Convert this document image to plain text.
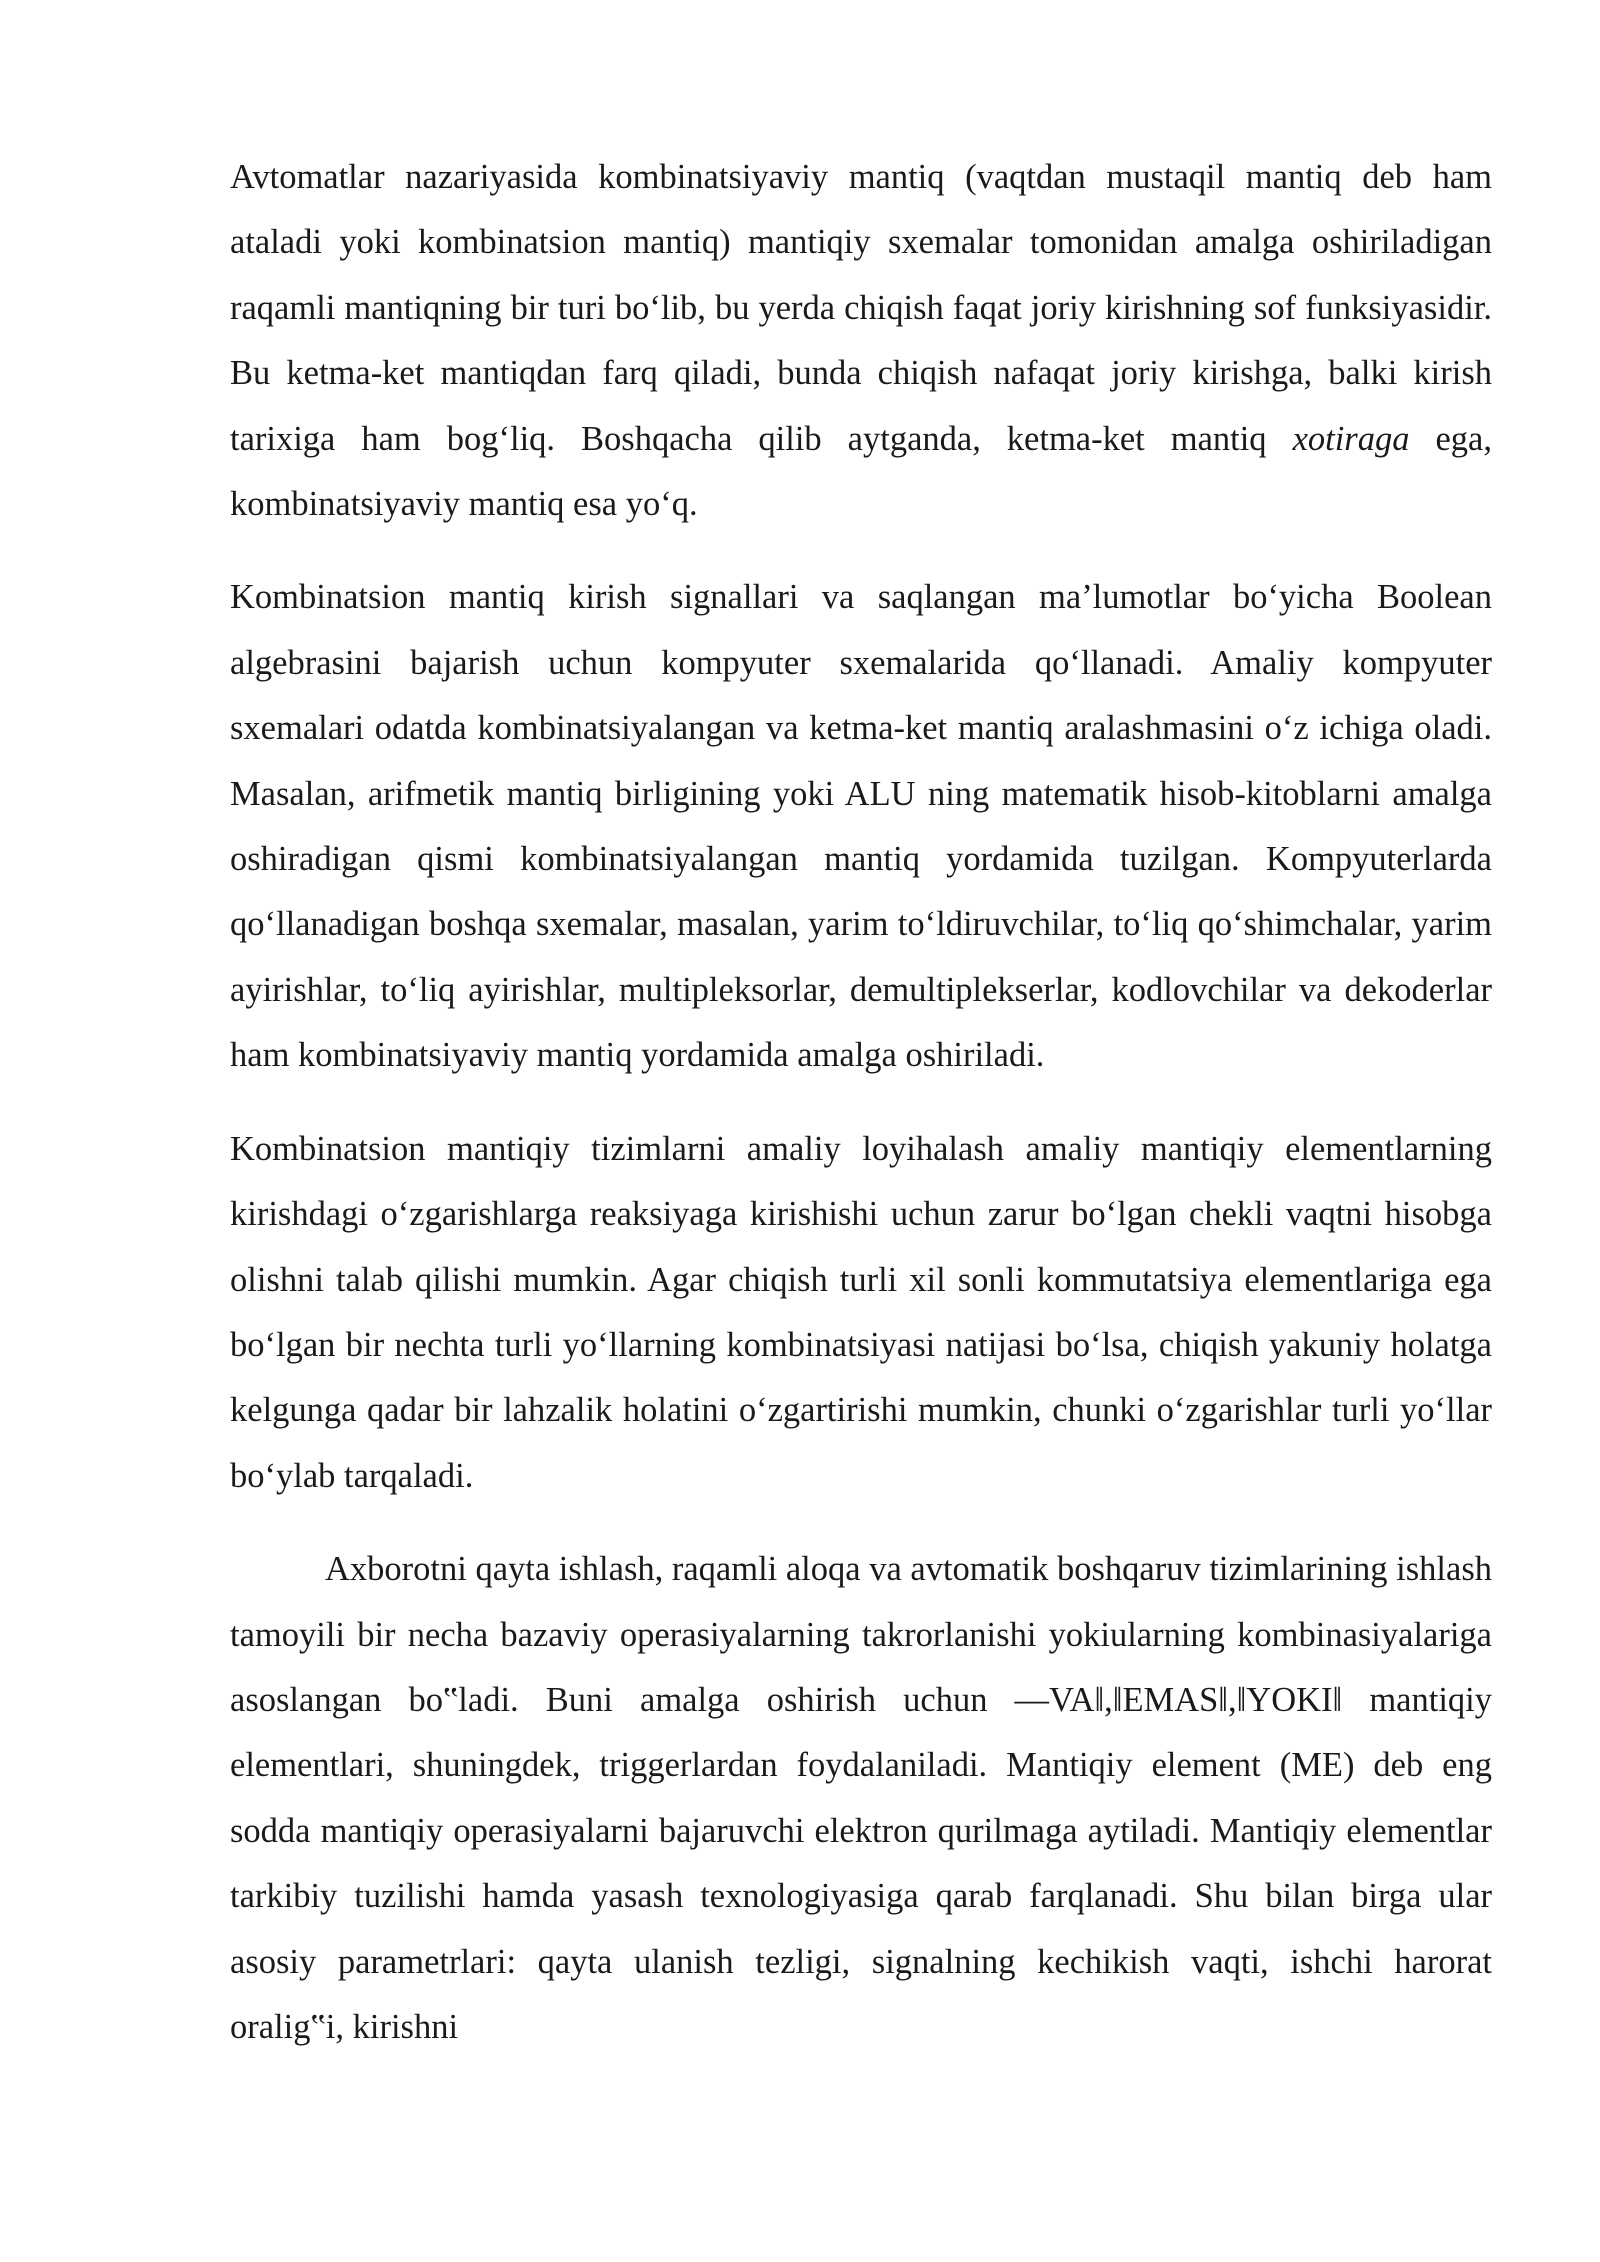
Avtomatlar nazariyasida kombinatsiyaviy mantiq (vaqtdan mustaqil mantiq deb ham ataladi yoki kombinatsion mantiq) mantiqiy sxemalar tomonidan amalga oshiriladigan raqamli mantiqning bir turi bo‘lib, bu yerda chiqish faqat joriy kirishning sof funksiyasidir. Bu ketma-ket mantiqdan farq qiladi, bunda chiqish nafaqat joriy kirishga, balki kirish tarixiga ham bog‘liq. Boshqacha qilib aytganda, ketma-ket mantiq xotiraga ega, kombinatsiyaviy mantiq esa yo‘q.

Kombinatsion mantiq kirish signallari va saqlangan ma’lumotlar bo‘yicha Boolean algebrasini bajarish uchun kompyuter sxemalarida qo‘llanadi. Amaliy kompyuter sxemalari odatda kombinatsiyalangan va ketma-ket mantiq aralashmasini o‘z ichiga oladi. Masalan, arifmetik mantiq birligining yoki ALU ning matematik hisob-kitoblarni amalga oshiradigan qismi kombinatsiyalangan mantiq yordamida tuzilgan. Kompyuterlarda qo‘llanadigan boshqa sxemalar, masalan, yarim to‘ldiruvchilar, to‘liq qo‘shimchalar, yarim ayirishlar, to‘liq ayirishlar, multipleksorlar, demultiplekserlar, kodlovchilar va dekoderlar ham kombinatsiyaviy mantiq yordamida amalga oshiriladi.

Kombinatsion mantiqiy tizimlarni amaliy loyihalash amaliy mantiqiy elementlarning kirishdagi o‘zgarishlarga reaksiyaga kirishishi uchun zarur bo‘lgan chekli vaqtni hisobga olishni talab qilishi mumkin. Agar chiqish turli xil sonli kommutatsiya elementlariga ega bo‘lgan bir nechta turli yo‘llarning kombinatsiyasi natijasi bo‘lsa, chiqish yakuniy holatga kelgunga qadar bir lahzalik holatini o‘zgartirishi mumkin, chunki o‘zgarishlar turli yo‘llar bo‘ylab tarqaladi.

Axborotni qayta ishlash, raqamli aloqa va avtomatik boshqaruv tizimlarining ishlash tamoyili bir necha bazaviy operasiyalarning takrorlanishi yokiularning kombinasiyalariga asoslangan bo‟ladi. Buni amalga oshirish uchun ―VA‖,‖EMAS‖,‖YOKI‖ mantiqiy elementlari, shuningdek, triggerlardan foydalaniladi. Mantiqiy element (ME) deb eng sodda mantiqiy operasiyalarni bajaruvchi elektron qurilmaga aytiladi. Mantiqiy elementlar tarkibiy tuzilishi hamda yasash texnologiyasiga qarab farqlanadi. Shu bilan birga ular asosiy parametrlari: qayta ulanish tezligi, signalning kechikish vaqti, ishchi harorat oralig‟i, kirishni
